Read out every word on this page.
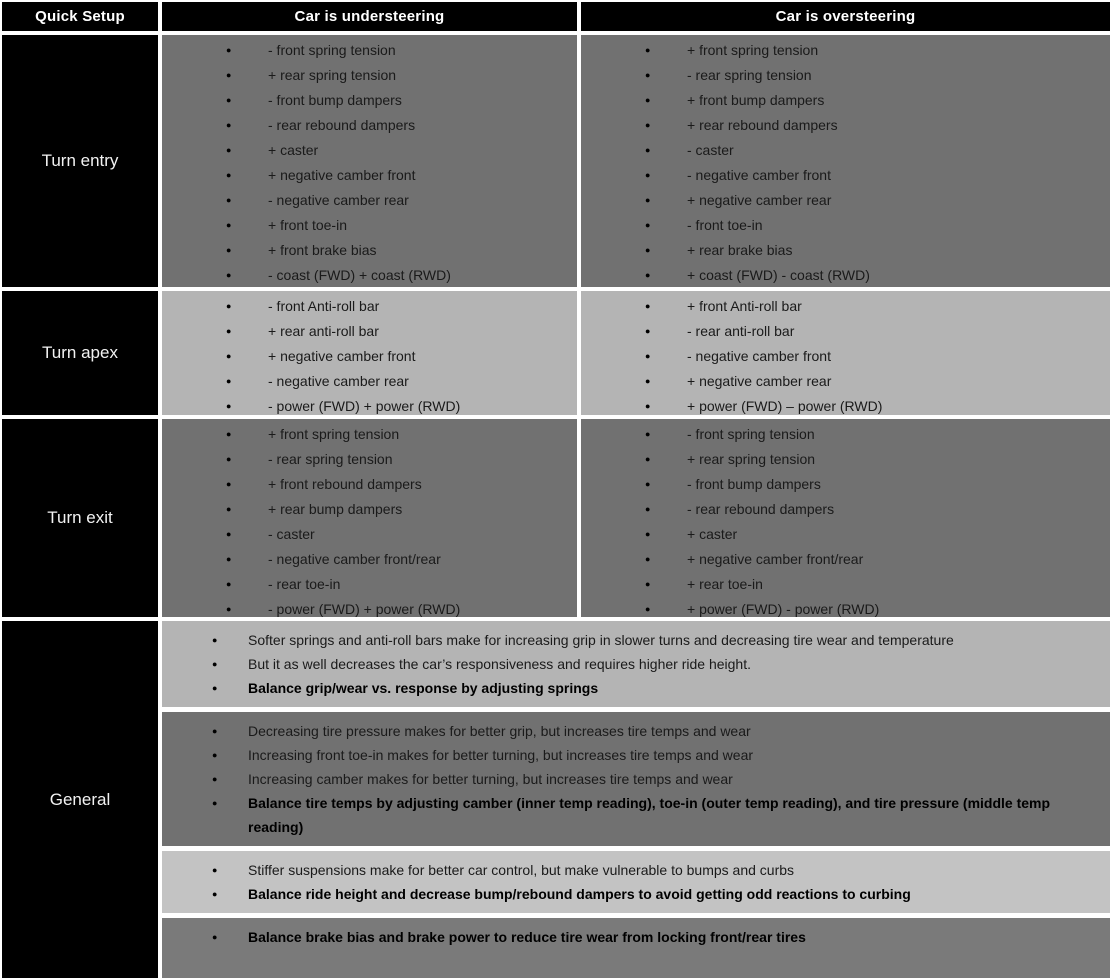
Quick Setup	Car is understeering	Car is oversteering
Turn entry
● - front spring tension
● + rear spring tension
● - front bump dampers
● - rear rebound dampers
● + caster
● + negative camber front
● - negative camber rear
● + front toe-in
● + front brake bias
● - coast (FWD) + coast (RWD)
● + front spring tension
● - rear spring tension
● + front bump dampers
● + rear rebound dampers
● - caster
● - negative camber front
● + negative camber rear
● - front toe-in
● + rear brake bias
● + coast (FWD) - coast (RWD)
Turn apex
● - front Anti-roll bar
● + rear anti-roll bar
● + negative camber front
● - negative camber rear
● - power (FWD) + power (RWD)
● + front Anti-roll bar
● - rear anti-roll bar
● - negative camber front
● + negative camber rear
● + power (FWD) – power (RWD)
Turn exit
● + front spring tension
● - rear spring tension
● + front rebound dampers
● + rear bump dampers
● - caster
● - negative camber front/rear
● - rear toe-in
● - power (FWD) + power (RWD)
● - front spring tension
● + rear spring tension
● - front bump dampers
● - rear rebound dampers
● + caster
● + negative camber front/rear
● + rear toe-in
● + power (FWD) - power (RWD)
General
● Softer springs and anti-roll bars make for increasing grip in slower turns and decreasing tire wear and temperature
● But it as well decreases the car’s responsiveness and requires higher ride height.
● Balance grip/wear vs. response by adjusting springs
● Decreasing tire pressure makes for better grip, but increases tire temps and wear
● Increasing front toe-in makes for better turning, but increases tire temps and wear
● Increasing camber makes for better turning, but increases tire temps and wear
● Balance tire temps by adjusting camber (inner temp reading), toe-in (outer temp reading), and tire pressure (middle temp reading)
● Stiffer suspensions make for better car control, but make vulnerable to bumps and curbs
● Balance ride height and decrease bump/rebound dampers to avoid getting odd reactions to curbing
● Balance brake bias and brake power to reduce tire wear from locking front/rear tires
